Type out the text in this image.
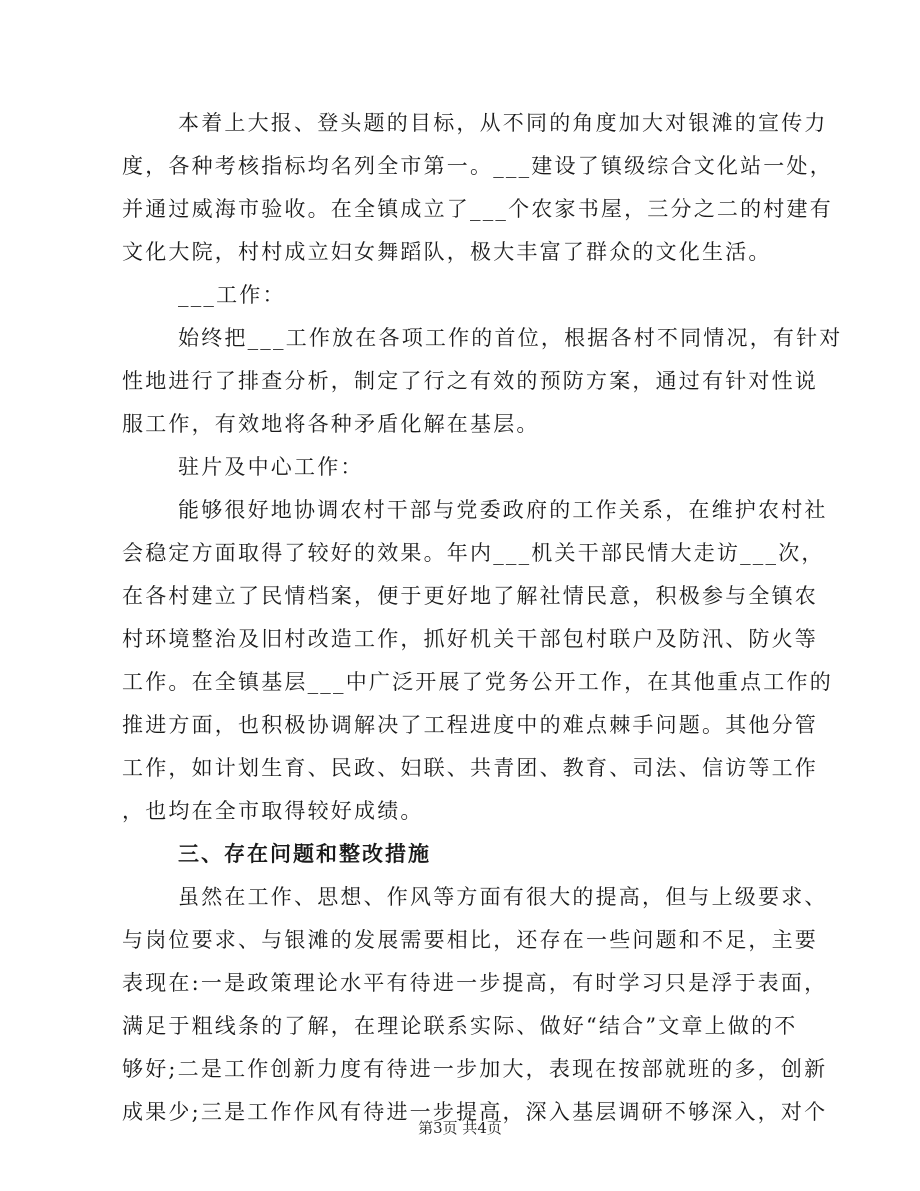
本着上大报、登头题的目标，从不同的角度加大对银滩的宣传力
度，各种考核指标均名列全市第一。___建设了镇级综合文化站一处，
并通过威海市验收。在全镇成立了___个农家书屋，三分之二的村建有
文化大院，村村成立妇女舞蹈队，极大丰富了群众的文化生活。
___工作：
始终把___工作放在各项工作的首位，根据各村不同情况，有针对
性地进行了排查分析，制定了行之有效的预防方案，通过有针对性说
服工作，有效地将各种矛盾化解在基层。
驻片及中心工作：
能够很好地协调农村干部与党委政府的工作关系，在维护农村社
会稳定方面取得了较好的效果。年内___机关干部民情大走访___次，
在各村建立了民情档案，便于更好地了解社情民意，积极参与全镇农
村环境整治及旧村改造工作，抓好机关干部包村联户及防汛、防火等
工作。在全镇基层___中广泛开展了党务公开工作，在其他重点工作的
推进方面，也积极协调解决了工程进度中的难点棘手问题。其他分管
工作，如计划生育、民政、妇联、共青团、教育、司法、信访等工作
，也均在全市取得较好成绩。
三、存在问题和整改措施
虽然在工作、思想、作风等方面有很大的提高，但与上级要求、
与岗位要求、与银滩的发展需要相比，还存在一些问题和不足，主要
表现在:一是政策理论水平有待进一步提高，有时学习只是浮于表面，
满足于粗线条的了解，在理论联系实际、做好“结合”文章上做的不
够好;二是工作创新力度有待进一步加大，表现在按部就班的多，创新
成果少;三是工作作风有待进一步提高，深入基层调研不够深入，对个
第3页 共4页
